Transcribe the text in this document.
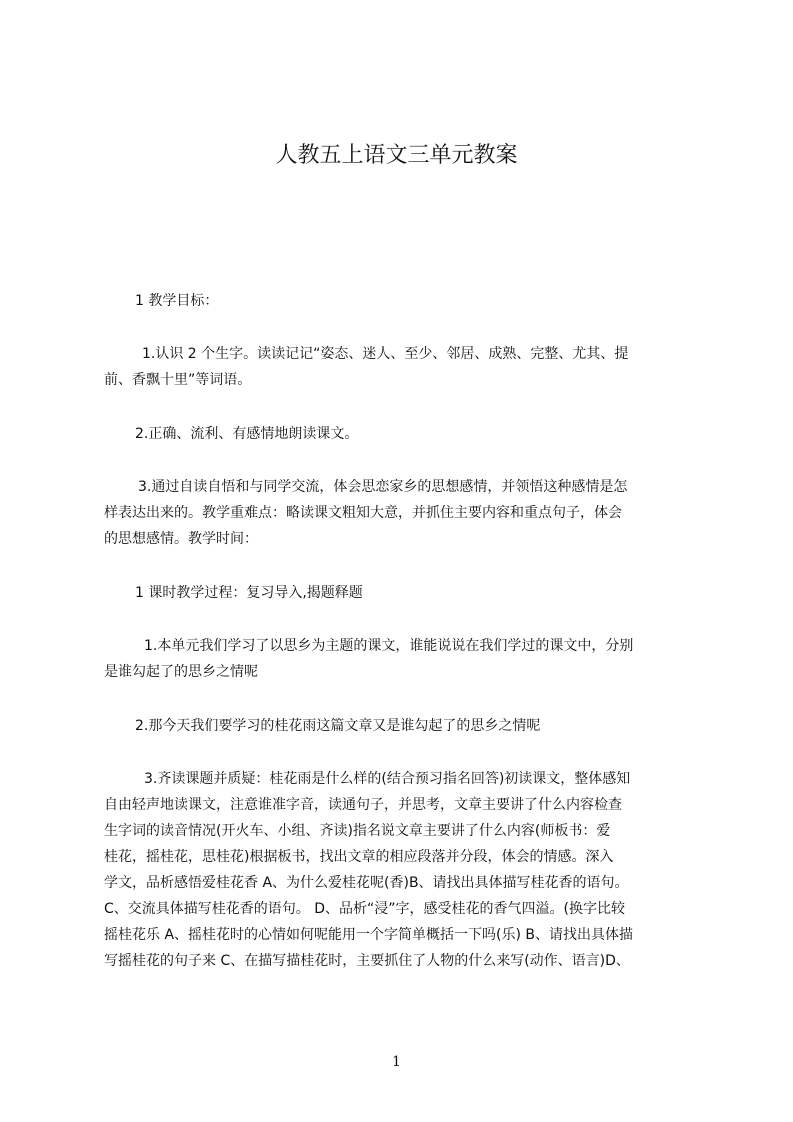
人教五上语文三单元教案
1 教学目标：
1.认识 2 个生字。读读记记“姿态、迷人、至少、邻居、成熟、完整、尤其、提
前、香飘十里”等词语。
2.正确、流利、有感情地朗读课文。
3.通过自读自悟和与同学交流，体会思恋家乡的思想感情，并领悟这种感情是怎
样表达出来的。教学重难点：略读课文粗知大意，并抓住主要内容和重点句子，体会
的思想感情。教学时间：
1 课时教学过程：复习导入,揭题释题
1.本单元我们学习了以思乡为主题的课文，谁能说说在我们学过的课文中，分别
是谁勾起了的思乡之情呢
2.那今天我们要学习的桂花雨这篇文章又是谁勾起了的思乡之情呢
3.齐读课题并质疑：桂花雨是什么样的(结合预习指名回答)初读课文，整体感知
自由轻声地读课文，注意谁准字音，读通句子，并思考，文章主要讲了什么内容检查
生字词的读音情况(开火车、小组、齐读)指名说文章主要讲了什么内容(师板书：爱
桂花，摇桂花，思桂花)根据板书，找出文章的相应段落并分段，体会的情感。深入
学文，品析感悟爱桂花香 A、为什么爱桂花呢(香)B、请找出具体描写桂花香的语句。
C、交流具体描写桂花香的语句。 D、品析“浸”字，感受桂花的香气四溢。(换字比较
摇桂花乐 A、摇桂花时的心情如何呢能用一个字简单概括一下吗(乐) B、请找出具体描
写摇桂花的句子来 C、在描写描桂花时，主要抓住了人物的什么来写(动作、语言)D、
1
